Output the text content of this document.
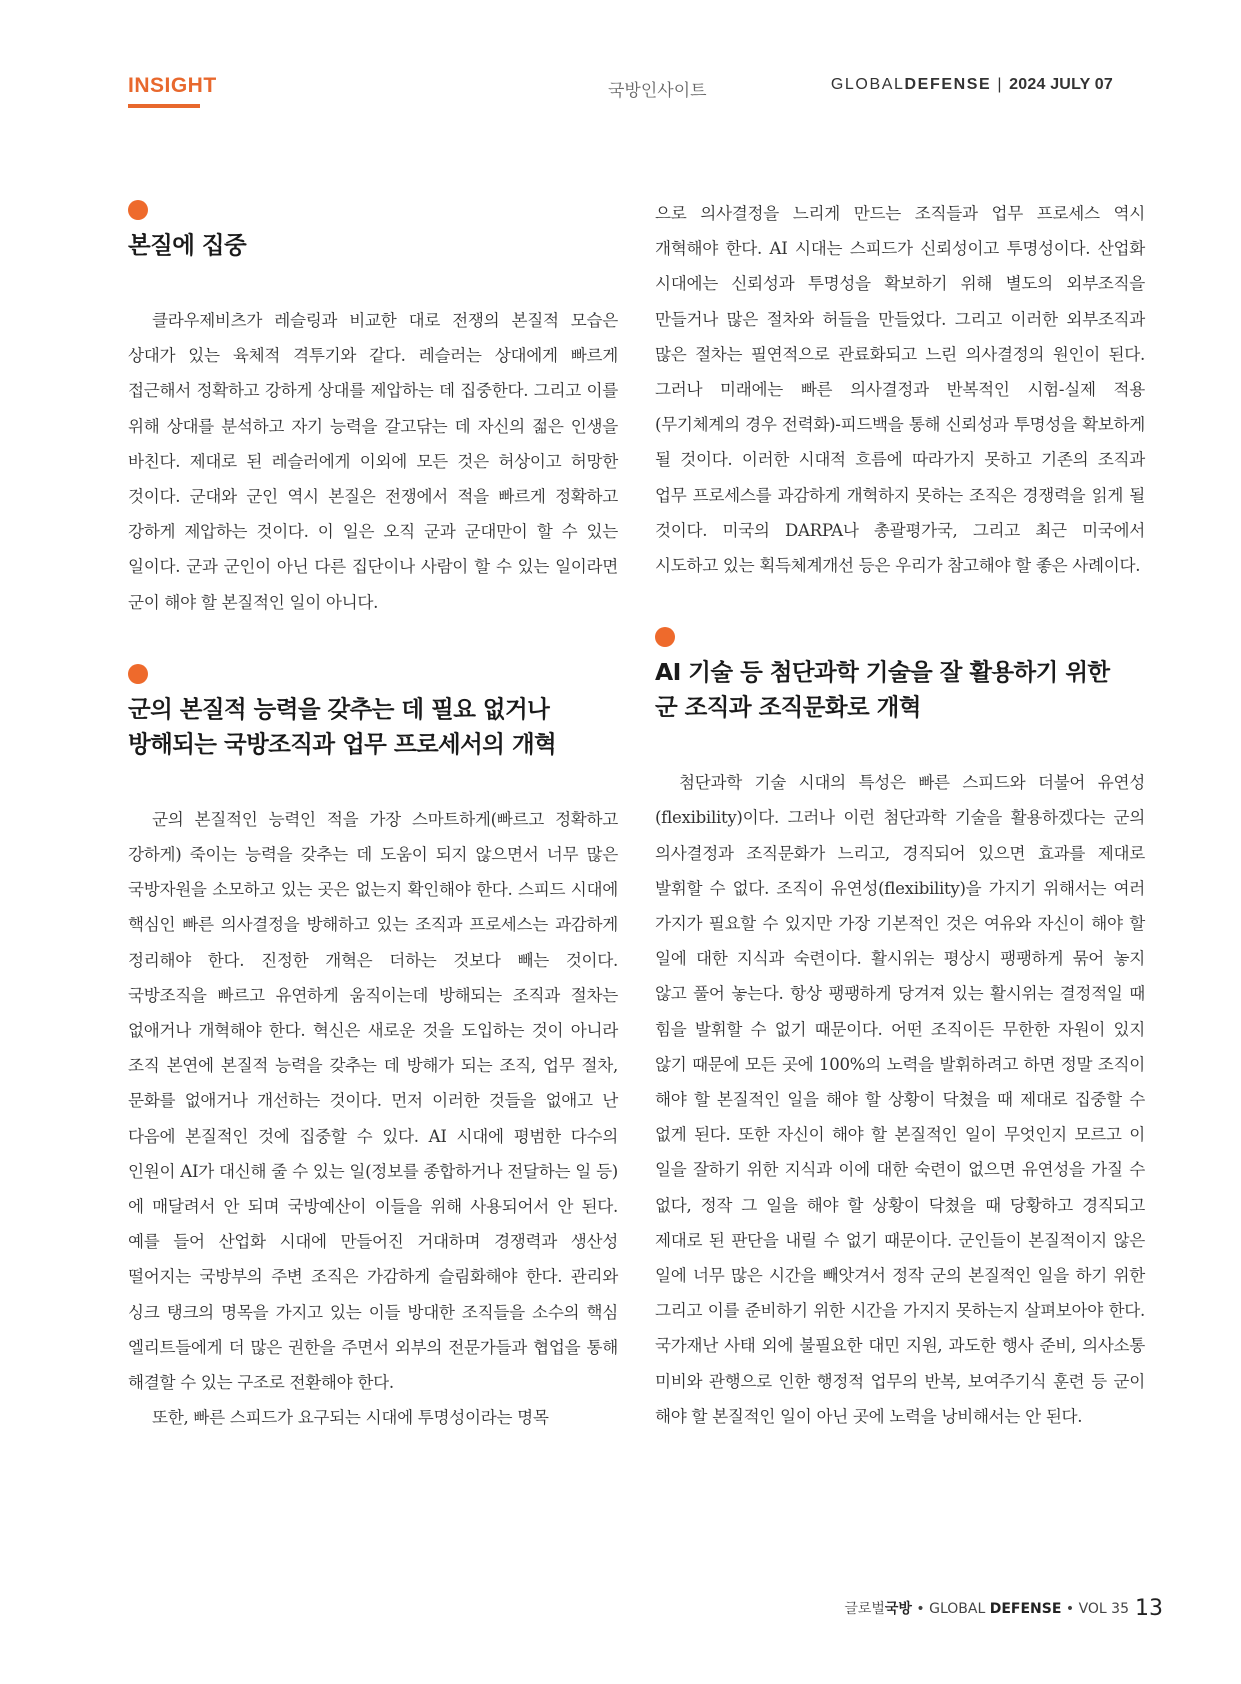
INSIGHT	국방인사이트	GLOBALDEFENSE | 2024 JULY 07
본질에 집중

클라우제비츠가 레슬링과 비교한 대로 전쟁의 본질적 모습은 상대가 있는 육체적 격투기와 같다. 레슬러는 상대에게 빠르게 접근해서 정확하고 강하게 상대를 제압하는 데 집중한다. 그리고 이를 위해 상대를 분석하고 자기 능력을 갈고닦는 데 자신의 젊은 인생을 바친다. 제대로 된 레슬러에게 이외에 모든 것은 허상이고 허망한 것이다. 군대와 군인 역시 본질은 전쟁에서 적을 빠르게 정확하고 강하게 제압하는 것이다. 이 일은 오직 군과 군대만이 할 수 있는 일이다. 군과 군인이 아닌 다른 집단이나 사람이 할 수 있는 일이라면 군이 해야 할 본질적인 일이 아니다.

군의 본질적 능력을 갖추는 데 필요 없거나
방해되는 국방조직과 업무 프로세서의 개혁

군의 본질적인 능력인 적을 가장 스마트하게(빠르고 정확하고 강하게) 죽이는 능력을 갖추는 데 도움이 되지 않으면서 너무 많은 국방자원을 소모하고 있는 곳은 없는지 확인해야 한다. 스피드 시대에 핵심인 빠른 의사결정을 방해하고 있는 조직과 프로세스는 과감하게 정리해야 한다. 진정한 개혁은 더하는 것보다 빼는 것이다. 국방조직을 빠르고 유연하게 움직이는데 방해되는 조직과 절차는 없애거나 개혁해야 한다. 혁신은 새로운 것을 도입하는 것이 아니라 조직 본연에 본질적 능력을 갖추는 데 방해가 되는 조직, 업무 절차, 문화를 없애거나 개선하는 것이다. 먼저 이러한 것들을 없애고 난 다음에 본질적인 것에 집중할 수 있다. AI 시대에 평범한 다수의 인원이 AI가 대신해 줄 수 있는 일(정보를 종합하거나 전달하는 일 등)에 매달려서 안 되며 국방예산이 이들을 위해 사용되어서 안 된다. 예를 들어 산업화 시대에 만들어진 거대하며 경쟁력과 생산성 떨어지는 국방부의 주변 조직은 가감하게 슬림화해야 한다. 관리와 싱크 탱크의 명목을 가지고 있는 이들 방대한 조직들을 소수의 핵심 엘리트들에게 더 많은 권한을 주면서 외부의 전문가들과 협업을 통해 해결할 수 있는 구조로 전환해야 한다.

또한, 빠른 스피드가 요구되는 시대에 투명성이라는 명목

으로 의사결정을 느리게 만드는 조직들과 업무 프로세스 역시 개혁해야 한다. AI 시대는 스피드가 신뢰성이고 투명성이다. 산업화 시대에는 신뢰성과 투명성을 확보하기 위해 별도의 외부조직을 만들거나 많은 절차와 허들을 만들었다. 그리고 이러한 외부조직과 많은 절차는 필연적으로 관료화되고 느린 의사결정의 원인이 된다. 그러나 미래에는 빠른 의사결정과 반복적인 시험-실제 적용(무기체계의 경우 전력화)-피드백을 통해 신뢰성과 투명성을 확보하게 될 것이다. 이러한 시대적 흐름에 따라가지 못하고 기존의 조직과 업무 프로세스를 과감하게 개혁하지 못하는 조직은 경쟁력을 읽게 될 것이다. 미국의 DARPA나 총괄평가국, 그리고 최근 미국에서 시도하고 있는 획득체계개선 등은 우리가 참고해야 할 좋은 사례이다.

AI 기술 등 첨단과학 기술을 잘 활용하기 위한
군 조직과 조직문화로 개혁

첨단과학 기술 시대의 특성은 빠른 스피드와 더불어 유연성(flexibility)이다. 그러나 이런 첨단과학 기술을 활용하겠다는 군의 의사결정과 조직문화가 느리고, 경직되어 있으면 효과를 제대로 발휘할 수 없다. 조직이 유연성(flexibility)을 가지기 위해서는 여러 가지가 필요할 수 있지만 가장 기본적인 것은 여유와 자신이 해야 할 일에 대한 지식과 숙련이다. 활시위는 평상시 팽팽하게 묶어 놓지 않고 풀어 놓는다. 항상 팽팽하게 당겨져 있는 활시위는 결정적일 때 힘을 발휘할 수 없기 때문이다. 어떤 조직이든 무한한 자원이 있지 않기 때문에 모든 곳에 100%의 노력을 발휘하려고 하면 정말 조직이 해야 할 본질적인 일을 해야 할 상황이 닥쳤을 때 제대로 집중할 수 없게 된다. 또한 자신이 해야 할 본질적인 일이 무엇인지 모르고 이 일을 잘하기 위한 지식과 이에 대한 숙련이 없으면 유연성을 가질 수 없다, 정작 그 일을 해야 할 상황이 닥쳤을 때 당황하고 경직되고 제대로 된 판단을 내릴 수 없기 때문이다. 군인들이 본질적이지 않은 일에 너무 많은 시간을 빼앗겨서 정작 군의 본질적인 일을 하기 위한 그리고 이를 준비하기 위한 시간을 가지지 못하는지 살펴보아야 한다. 국가재난 사태 외에 불필요한 대민 지원, 과도한 행사 준비, 의사소통 미비와 관행으로 인한 행정적 업무의 반복, 보여주기식 훈련 등 군이 해야 할 본질적인 일이 아닌 곳에 노력을 낭비해서는 안 된다.

글로벌국방 • GLOBAL DEFENSE • VOL 35 13
